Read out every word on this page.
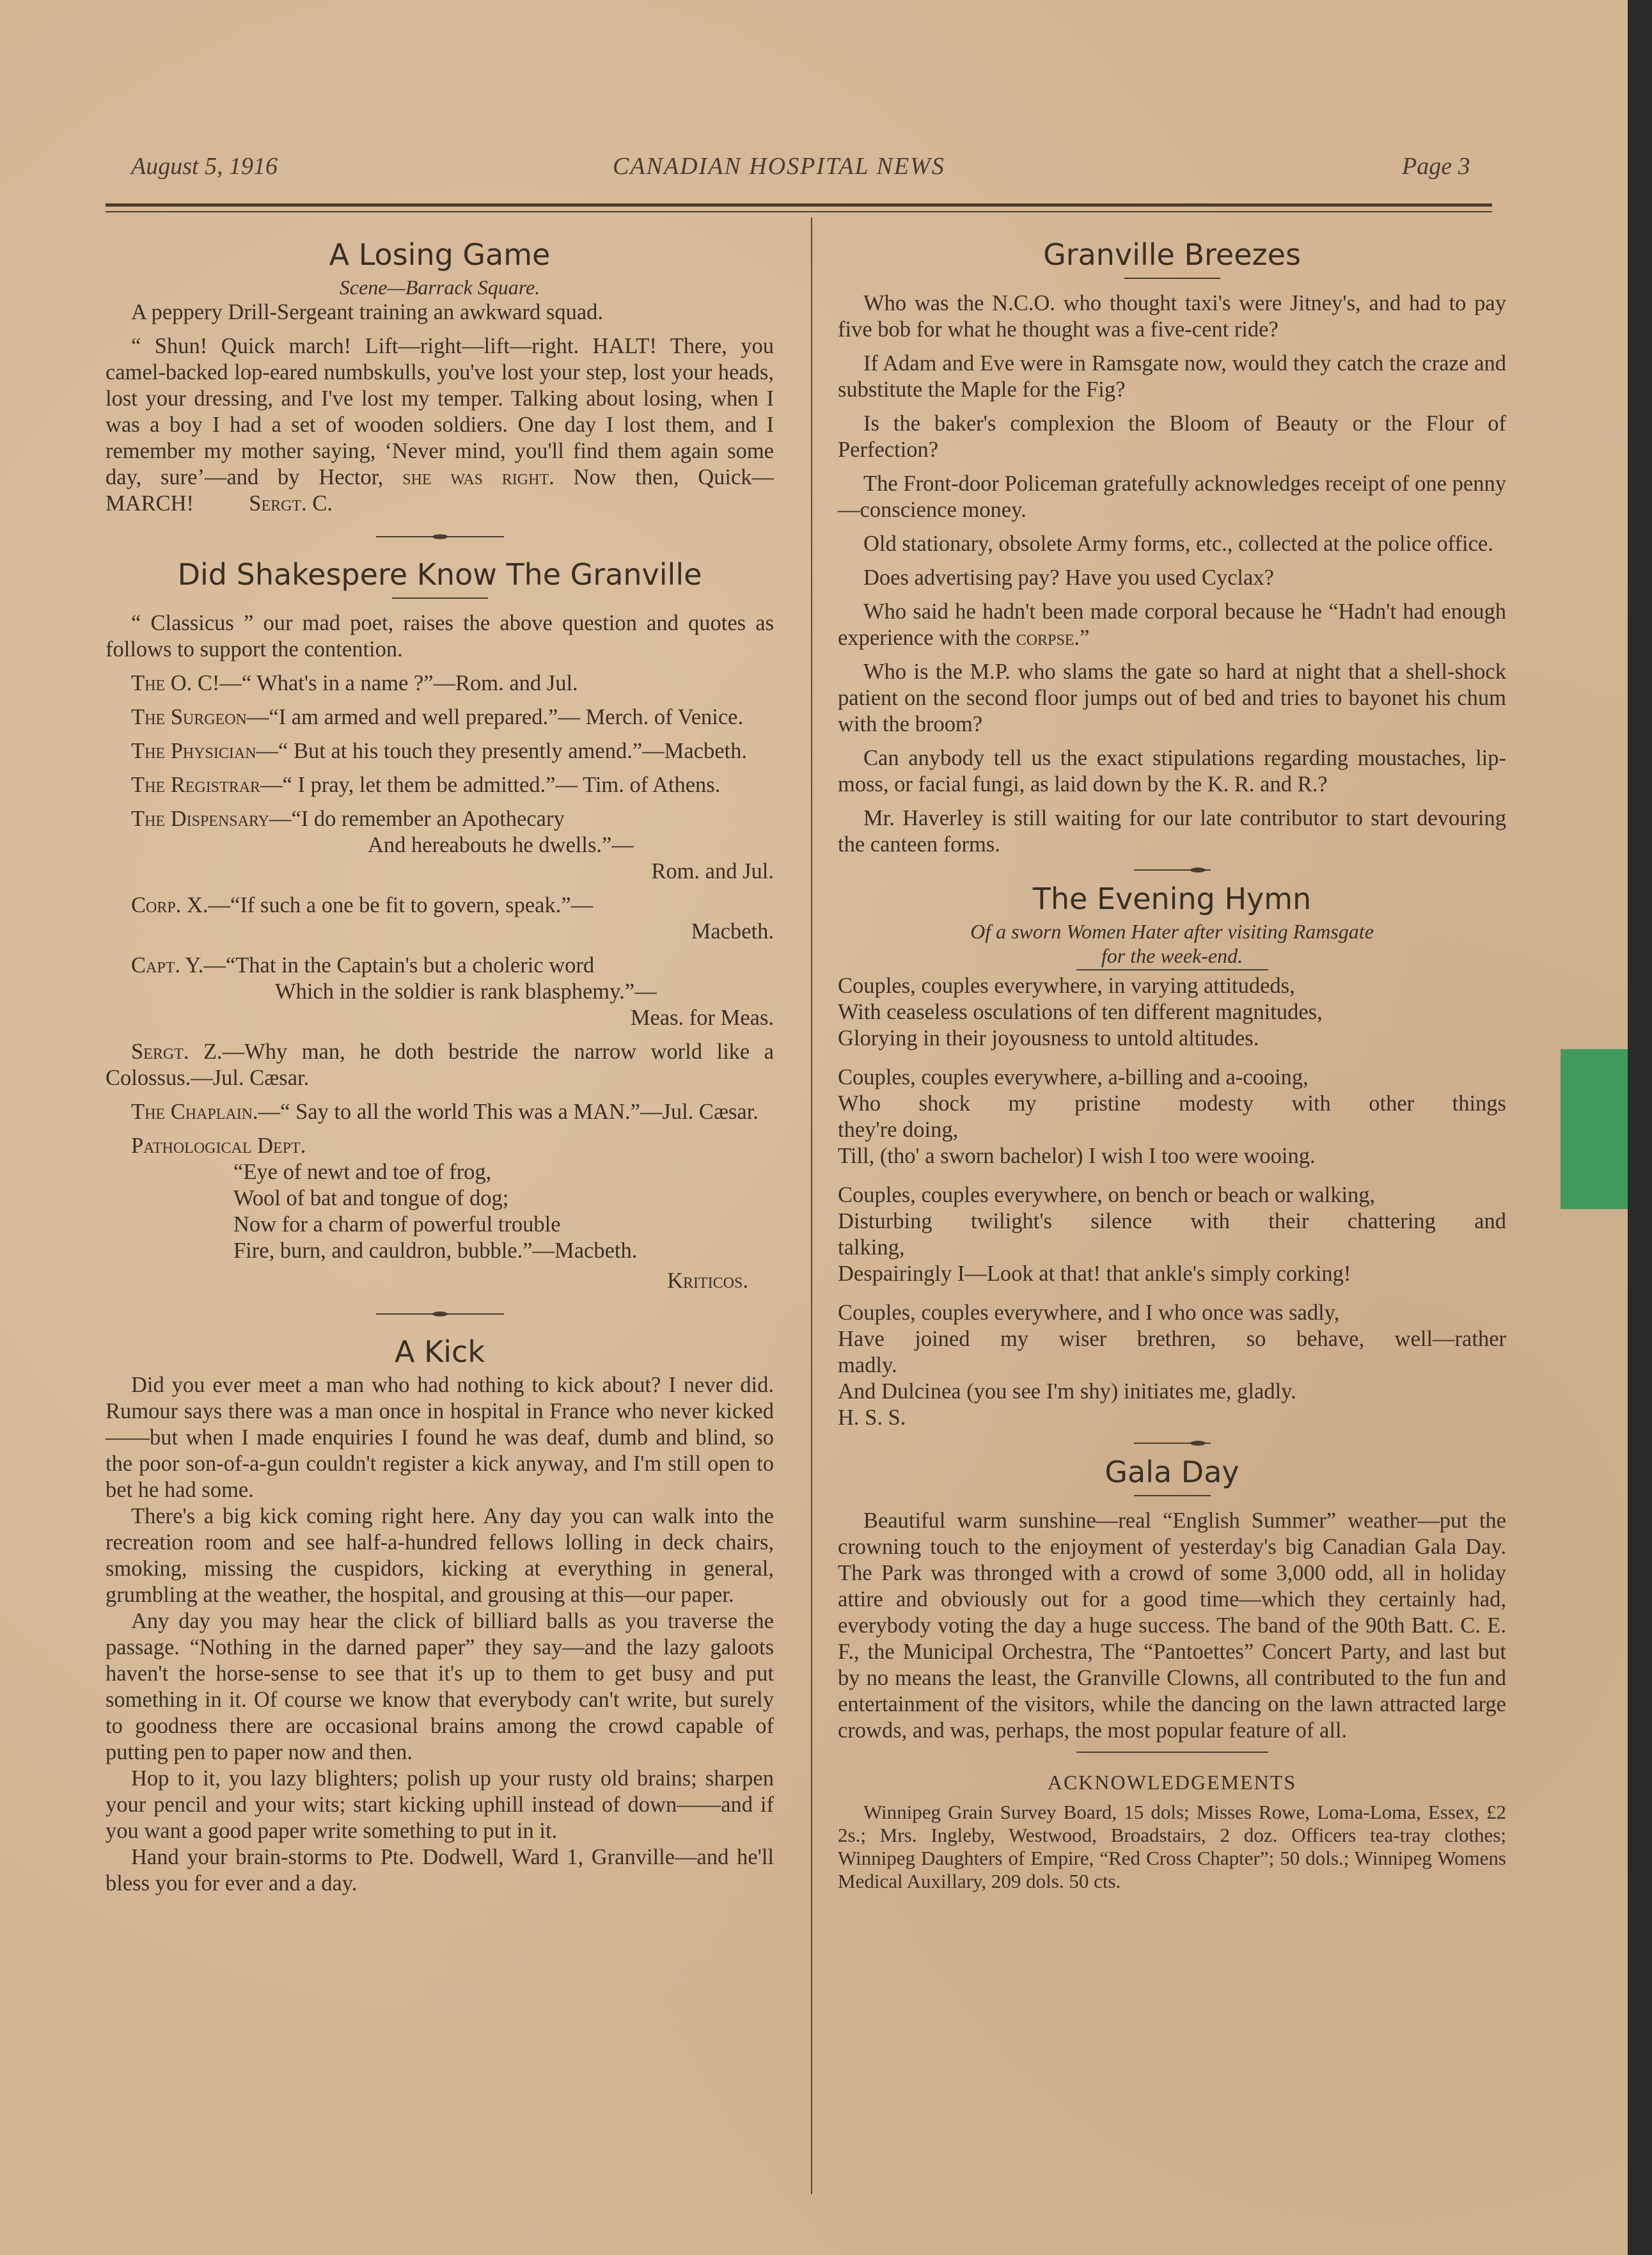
August 5, 1916	CANADIAN HOSPITAL NEWS	Page 3

A Losing Game

Scene—Barrack Square.

A peppery Drill-Sergeant training an awkward squad.

“ Shun! Quick march! Lift—right—lift—right. HALT! There, you camel-backed lop-eared numbskulls, you've lost your step, lost your heads, lost your dressing, and I've lost my temper. Talking about losing, when I was a boy I had a set of wooden soldiers. One day I lost them, and I remember my mother saying, ‘Never mind, you'll find them again some day, sure’—and by Hector, she was right. Now then, Quick—MARCH!	Sergt. C.

Did Shakespere Know The Granville

“ Classicus ” our mad poet, raises the above question and quotes as follows to support the contention.

The O. C!—“ What's in a name ?”—Rom. and Jul.

The Surgeon—“I am armed and well prepared.”— Merch. of Venice.

The Physician—“ But at his touch they presently amend.”—Macbeth.

The Registrar—“ I pray, let them be admitted.”— Tim. of Athens.

The Dispensary—“I do remember an Apothecary

And hereabouts he dwells.”—

Rom. and Jul.

Corp. X.—“If such a one be fit to govern, speak.”—

Macbeth.

Capt. Y.—“That in the Captain's but a choleric word

Which in the soldier is rank blasphemy.”—

Meas. for Meas.

Sergt. Z.—Why man, he doth bestride the narrow world like a Colossus.—Jul. Cæsar.

The Chaplain.—“ Say to all the world This was a MAN.”—Jul. Cæsar.

Pathological Dept.

“Eye of newt and toe of frog,

Wool of bat and tongue of dog;

Now for a charm of powerful trouble

Fire, burn, and cauldron, bubble.”—Macbeth.

Kriticos.

A Kick

Did you ever meet a man who had nothing to kick about? I never did. Rumour says there was a man once in hospital in France who never kicked——but when I made enquiries I found he was deaf, dumb and blind, so the poor son-of-a-gun couldn't register a kick anyway, and I'm still open to bet he had some.

There's a big kick coming right here. Any day you can walk into the recreation room and see half-a-hundred fellows lolling in deck chairs, smoking, missing the cuspidors, kicking at everything in general, grumbling at the weather, the hospital, and grousing at this—our paper.

Any day you may hear the click of billiard balls as you traverse the passage. “Nothing in the darned paper” they say—and the lazy galoots haven't the horse-sense to see that it's up to them to get busy and put something in it. Of course we know that everybody can't write, but surely to goodness there are occasional brains among the crowd capable of putting pen to paper now and then.

Hop to it, you lazy blighters; polish up your rusty old brains; sharpen your pencil and your wits; start kicking uphill instead of down——and if you want a good paper write something to put in it.

Hand your brain-storms to Pte. Dodwell, Ward 1, Granville—and he'll bless you for ever and a day.

Granville Breezes

Who was the N.C.O. who thought taxi's were Jitney's, and had to pay five bob for what he thought was a five-cent ride?

If Adam and Eve were in Ramsgate now, would they catch the craze and substitute the Maple for the Fig?

Is the baker's complexion the Bloom of Beauty or the Flour of Perfection?

The Front-door Policeman gratefully acknowledges receipt of one penny—conscience money.

Old stationary, obsolete Army forms, etc., collected at the police office.

Does advertising pay? Have you used Cyclax?

Who said he hadn't been made corporal because he “Hadn't had enough experience with the corpse.”

Who is the M.P. who slams the gate so hard at night that a shell-shock patient on the second floor jumps out of bed and tries to bayonet his chum with the broom?

Can anybody tell us the exact stipulations regarding moustaches, lip-moss, or facial fungi, as laid down by the K. R. and R.?

Mr. Haverley is still waiting for our late contributor to start devouring the canteen forms.

The Evening Hymn

Of a sworn Women Hater after visiting Ramsgate

for the week-end.

Couples, couples everywhere, in varying attitudeds,

With ceaseless osculations of ten different magnitudes,

Glorying in their joyousness to untold altitudes.

Couples, couples everywhere, a-billing and a-cooing,

Who shock my pristine modesty with other things

they're doing,

Till, (tho' a sworn bachelor) I wish I too were wooing.

Couples, couples everywhere, on bench or beach or walking,

Disturbing twilight's silence with their chattering and

talking,

Despairingly I—Look at that! that ankle's simply corking!

Couples, couples everywhere, and I who once was sadly,

Have joined my wiser brethren, so behave, well—rather

madly.

And Dulcinea (you see I'm shy) initiates me, gladly.

H. S. S.

Gala Day

Beautiful warm sunshine—real “English Summer” weather—put the crowning touch to the enjoyment of yesterday's big Canadian Gala Day. The Park was thronged with a crowd of some 3,000 odd, all in holiday attire and obviously out for a good time—which they certainly had, everybody voting the day a huge success. The band of the 90th Batt. C. E. F., the Municipal Orchestra, The “Pantoettes” Concert Party, and last but by no means the least, the Granville Clowns, all contributed to the fun and entertainment of the visitors, while the dancing on the lawn attracted large crowds, and was, perhaps, the most popular feature of all.

ACKNOWLEDGEMENTS

Winnipeg Grain Survey Board, 15 dols; Misses Rowe, Loma-Loma, Essex, £2 2s.; Mrs. Ingleby, Westwood, Broadstairs, 2 doz. Officers tea-tray clothes; Winnipeg Daughters of Empire, “Red Cross Chapter”; 50 dols.; Winnipeg Womens Medical Auxillary, 209 dols. 50 cts.
